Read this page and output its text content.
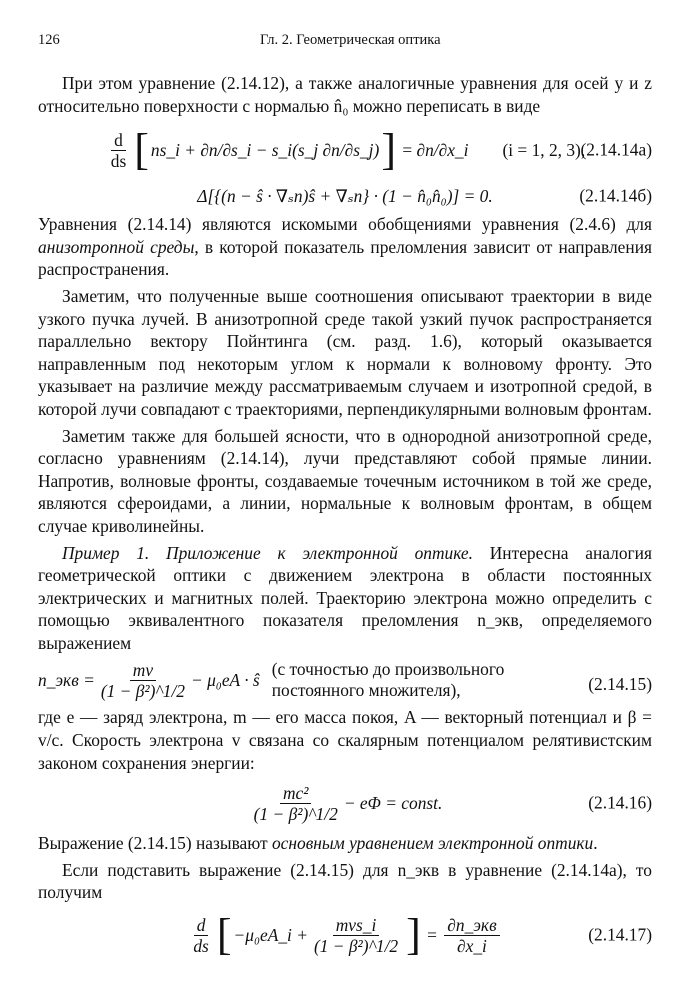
126	Гл. 2. Геометрическая оптика

При этом уравнение (2.14.12), а также аналогичные уравнения для осей y и z относительно поверхности с нормалью n̂₀ можно переписать в виде

$\frac{d}{ds}$ [ ns_i + ∂n/∂s_i − s_i(s_j ∂n/∂s_j) ] = ∂n/∂x_i (i = 1, 2, 3),
(2.14.14а)
Δ[{(n − ŝ · ∇ₛn)ŝ + ∇ₛn} · (1 − n̂₀n̂₀)] = 0.	(2.14.14б)

Уравнения (2.14.14) являются искомыми обобщениями уравнения (2.4.6) для анизотропной среды, в которой показатель преломления зависит от направления распространения.

Заметим, что полученные выше соотношения описывают траектории в виде узкого пучка лучей. В анизотропной среде такой узкий пучок распространяется параллельно вектору Пойнтинга (см. разд. 1.6), который оказывается направленным под некоторым углом к нормали к волновому фронту. Это указывает на различие между рассматриваемым случаем и изотропной средой, в которой лучи совпадают с траекториями, перпендикулярными волновым фронтам.

Заметим также для большей ясности, что в однородной анизотропной среде, согласно уравнениям (2.14.14), лучи представляют собой прямые линии. Напротив, волновые фронты, создаваемые точечным источником в той же среде, являются сфероидами, а линии, нормальные к волновым фронтам, в общем случае криволинейны.

Пример 1. Приложение к электронной оптике. Интересна аналогия геометрической оптики с движением электрона в области постоянных электрических и магнитных полей. Траекторию электрона можно определить с помощью эквивалентного показателя преломления n_экв, определяемого выражением

n_экв = $\frac{mv}{\text{(1 − β²)\textasciicircum{}1/2}} - \mu_0eA$ · ŝ
(с точностью до произвольного
постоянного множителя),	(2.14.15)

где e — заряд электрона, m — его масса покоя, A — векторный потенциал и β = v/c. Скорость электрона v связана со скалярным потенциалом релятивистским законом сохранения энергии:

$\frac{\text{mc²}}{\text{(1 − β²)\textasciicircum{}1/2}} - e\Phi$ = const.	(2.14.16)

Выражение (2.14.15) называют основным уравнением электронной оптики.

Если подставить выражение (2.14.15) для n_экв в уравнение (2.14.14а), то получим

$\frac{d}{ds}$ [ −μ₀eA_i + $\frac{\text{mvs\_i}}{\text{(1 − β²)\textasciicircum{}1/2}}$ ] = $\frac{\text{∂n\_экв}}{\partial x\_i}$	(2.14.17)
